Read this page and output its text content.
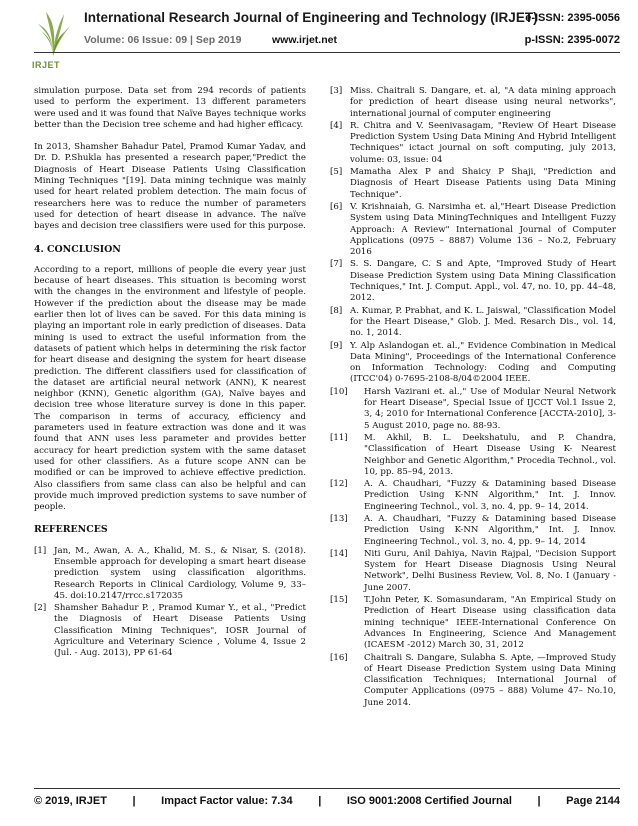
IRJET
International Research Journal of Engineering and Technology (IRJET)
e-ISSN: 2395-0056
Volume: 06 Issue: 09 | Sep 2019	www.irjet.net	p-ISSN: 2395-0072

simulation purpose. Data set from 294 records of patients used to perform the experiment. 13 different parameters were used and it was found that Naïve Bayes technique works better than the Decision tree scheme and had higher efficacy.

In 2013, Shamsher Bahadur Patel, Pramod Kumar Yadav, and Dr. D. P.Shukla has presented a research paper,"Predict the Diagnosis of Heart Disease Patients Using Classification Mining Techniques "[19]. Data mining technique was mainly used for heart related problem detection. The main focus of researchers here was to reduce the number of parameters used for detection of heart disease in advance. The naïve bayes and decision tree classifiers were used for this purpose.

4. CONCLUSION

According to a report, millions of people die every year just because of heart diseases. This situation is becoming worst with the changes in the environment and lifestyle of people. However if the prediction about the disease may be made earlier then lot of lives can be saved. For this data mining is playing an important role in early prediction of diseases. Data mining is used to extract the useful information from the datasets of patient which helps in determining the risk factor for heart disease and designing the system for heart disease prediction. The different classifiers used for classification of the dataset are artificial neural network (ANN), K nearest neighbor (KNN), Genetic algorithm (GA), Naïve bayes and decision tree whose literature survey is done in this paper. The comparison in terms of accuracy, efficiency and parameters used in feature extraction was done and it was found that ANN uses less parameter and provides better accuracy for heart prediction system with the same dataset used for other classifiers. As a future scope ANN can be modified or can be improved to achieve effective prediction. Also classifiers from same class can also be helpful and can provide much improved prediction systems to save number of people.

REFERENCES
[1] Jan, M., Awan, A. A., Khalid, M. S., & Nisar, S. (2018). Ensemble approach for developing a smart heart disease prediction system using classification algorithms. Research Reports in Clinical Cardiology, Volume 9, 33–45. doi:10.2147/rrcc.s172035
[2] Shamsher Bahadur P. , Pramod Kumar Y., et al., "Predict the Diagnosis of Heart Disease Patients Using Classification Mining Techniques", IOSR Journal of Agriculture and Veterinary Science , Volume 4, Issue 2 (Jul. - Aug. 2013), PP 61-64
[3] Miss. Chaitrali S. Dangare, et. al, "A data mining approach for prediction of heart disease using neural networks", international journal of computer engineering
[4] R. Chitra and V. Seenivasagam, "Review Of Heart Disease Prediction System Using Data Mining And Hybrid Intelligent Techniques" ictact journal on soft computing, july 2013, volume: 03, issue: 04
[5] Mamatha Alex P and Shaicy P Shaji, "Prediction and Diagnosis of Heart Disease Patients using Data Mining Technique".
[6] V. Krishnaiah, G. Narsimha et. al,"Heart Disease Prediction System using Data MiningTechniques and Intelligent Fuzzy Approach: A Review" International Journal of Computer Applications (0975 – 8887) Volume 136 – No.2, February 2016
[7] S. S. Dangare, C. S and Apte, "Improved Study of Heart Disease Prediction System using Data Mining Classification Techniques," Int. J. Comput. Appl., vol. 47, no. 10, pp. 44–48, 2012.
[8] A. Kumar, P. Prabhat, and K. L. Jaiswal, "Classification Model for the Heart Disease," Glob. J. Med. Resarch Dis., vol. 14, no. 1, 2014.
[9] Y. Alp Aslandogan et. al.," Evidence Combination in Medical Data Mining", Proceedings of the International Conference on Information Technology: Coding and Computing (ITCC'04) 0-7695-2108-8/04©2004 IEEE.
[10]	Harsh Vazirani et. al.," Use of Modular Neural Network for Heart Disease", Special Issue of IJCCT Vol.1 Issue 2, 3, 4; 2010 for International Conference [ACCTA-2010], 3-5 August 2010, page no. 88-93.
[11]	M. Akhil, B. L. Deekshatulu, and P. Chandra, "Classification of Heart Disease Using K- Nearest Neighbor and Genetic Algorithm," Procedia Technol., vol. 10, pp. 85–94, 2013.
[12]	A. A. Chaudhari, "Fuzzy & Datamining based Disease Prediction Using K-NN Algorithm," Int. J. Innov. Engineering Technol., vol. 3, no. 4, pp. 9– 14, 2014.
[13]	A. A. Chaudhari, "Fuzzy & Datamining based Disease Prediction Using K-NN Algorithm," Int. J. Innov. Engineering Technol., vol. 3, no. 4, pp. 9– 14, 2014
[14]	Niti Guru, Anil Dahiya, Navin Rajpal, "Decision Support System for Heart Disease Diagnosis Using Neural Network", Delhi Business Review, Vol. 8, No. I (January - June 2007.
[15]	T.John Peter, K. Somasundaram, "An Empirical Study on Prediction of Heart Disease using classification data mining technique" IEEE-International Conference On Advances In Engineering, Science And Management (ICAESM -2012) March 30, 31, 2012
[16]	Chaitrali S. Dangare, Sulabha S. Apte, —Improved Study of Heart Disease Prediction System using Data Mining Classification Techniques; International Journal of Computer Applications (0975 – 888) Volume 47– No.10, June 2014.
© 2019, IRJET | Impact Factor value: 7.34 | ISO 9001:2008 Certified Journal | Page 2144
